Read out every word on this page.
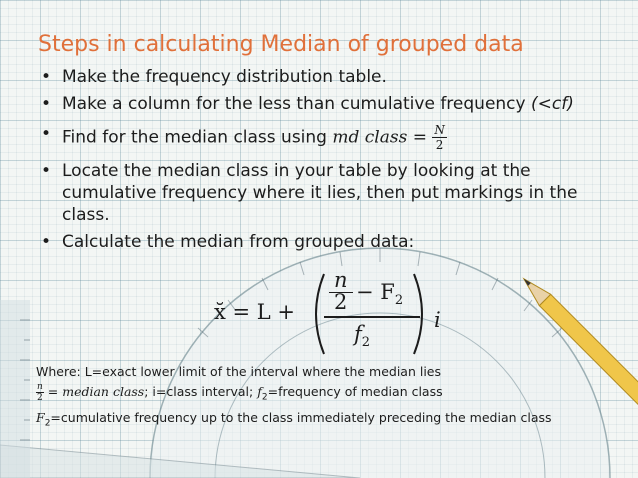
Steps in calculating Median of grouped data
• Make the frequency distribution table.
• Make a column for the less than cumulative frequency (<cf)
• Find for the median class using md class = $\frac{N}{2}$
• Locate the median class in your table by looking at the cumulative frequency where it lies, then put markings in the class.
• Calculate the median from grouped data:
x̆ = L +
n
$2 - F_2$
$f_2$
i
Where: L=exact lower limit of the interval where the median lies
$\frac{n}{2}$ = median class; i=class interval; $f_2=frequency$ of median class
$F_2=cumulative$ frequency up to the class immediately preceding the median class
